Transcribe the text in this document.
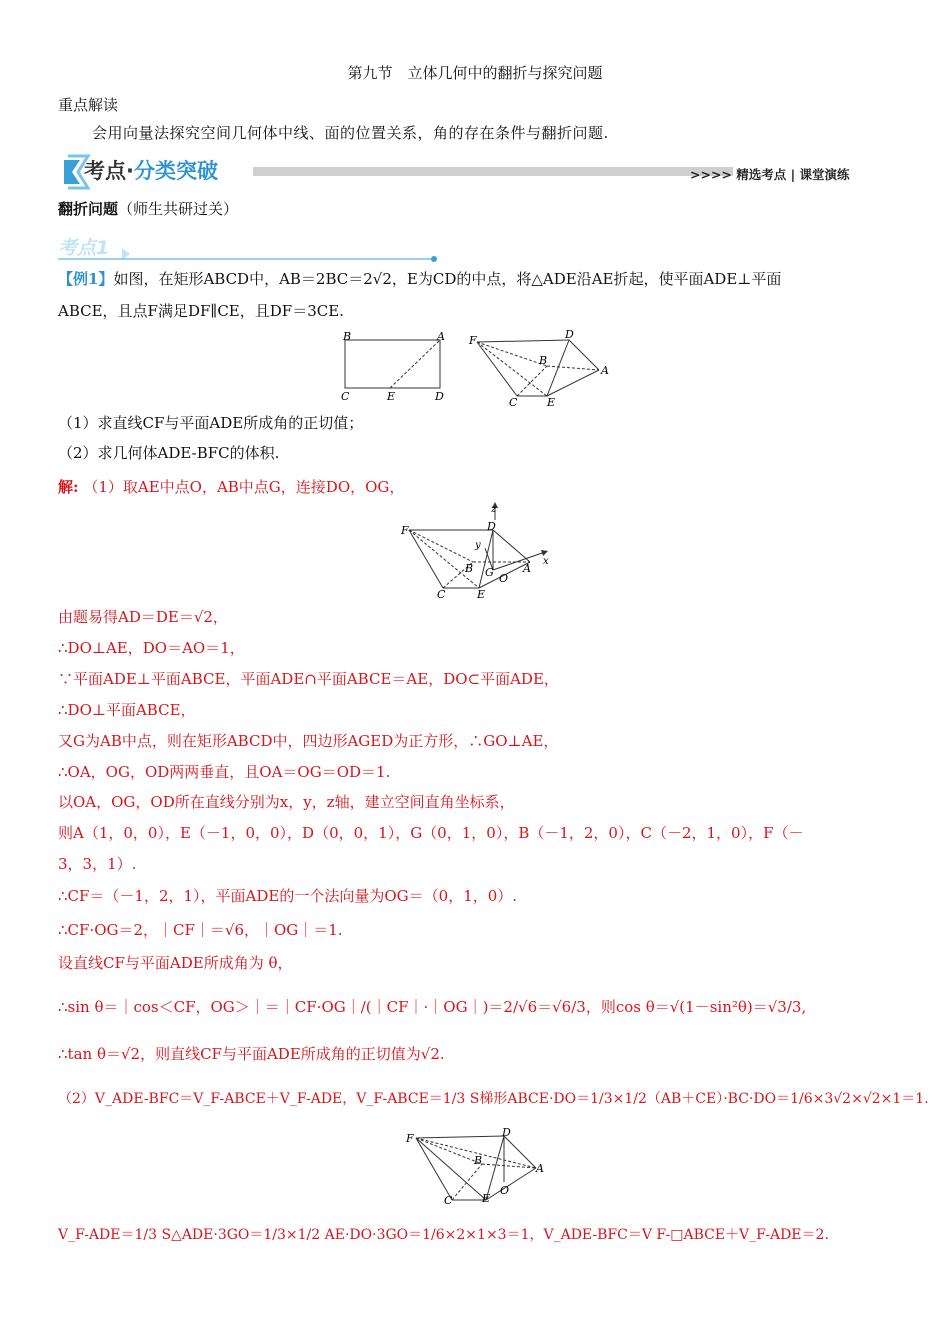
第九节　立体几何中的翻折与探究问题
重点解读
会用向量法探究空间几何体中线、面的位置关系，角的存在条件与翻折问题.
考点·分类突破	>>>> 精选考点 | 课堂演练
翻折问题（师生共研过关）
考点1
【例1】如图，在矩形ABCD中，AB＝2BC＝2√2，E为CD的中点，将△ADE沿AE折起，使平面ADE⊥平面
ABCE，且点F满足DF∥CE，且DF＝3CE.
B	A
C	E	D
F	D
B
A
C	E
（1）求直线CF与平面ADE所成角的正切值；
（2）求几何体ADE-BFC的体积.
解: （1）取AE中点O，AB中点G，连接DO，OG，
z
F	D
y
B G O
A
x
C	E
由题易得AD＝DE＝√2，
∴DO⊥AE，DO＝AO＝1，
∵平面ADE⊥平面ABCE，平面ADE∩平面ABCE＝AE，DO⊂平面ADE，
∴DO⊥平面ABCE，
又G为AB中点，则在矩形ABCD中，四边形AGED为正方形，∴GO⊥AE，
∴OA，OG，OD两两垂直，且OA＝OG＝OD＝1.
以OA，OG，OD所在直线分别为x，y，z轴，建立空间直角坐标系，
则A（1，0，0），E（－1，0，0），D（0，0，1），G（0，1，0），B（－1，2，0），C（－2，1，0），F（－
3，3，1）.
∴CF＝（－1，2，1），平面ADE的一个法向量为OG＝（0，1，0）.
∴CF·OG＝2，｜CF｜＝√6，｜OG｜＝1.
设直线CF与平面ADE所成角为 θ，
∴sin θ＝｜cos＜CF，OG＞｜＝｜CF·OG｜/(｜CF｜·｜OG｜)＝2/√6＝√6/3，则cos θ＝√(1－sin²θ)＝√3/3,
∴tan θ＝√2，则直线CF与平面ADE所成角的正切值为√2.
（2）V_ADE-BFC＝V_F-ABCE＋V_F-ADE，V_F-ABCE＝1/3 S梯形ABCE·DO＝1/3×1/2（AB＋CE）·BC·DO＝1/6×3√2×√2×1＝1.
F	D
B
A
C	E
O
V_F-ADE＝1/3 S△ADE·3GO＝1/3×1/2 AE·DO·3GO＝1/6×2×1×3＝1，V_ADE-BFC＝V F-□ABCE＋V_F-ADE＝2.
